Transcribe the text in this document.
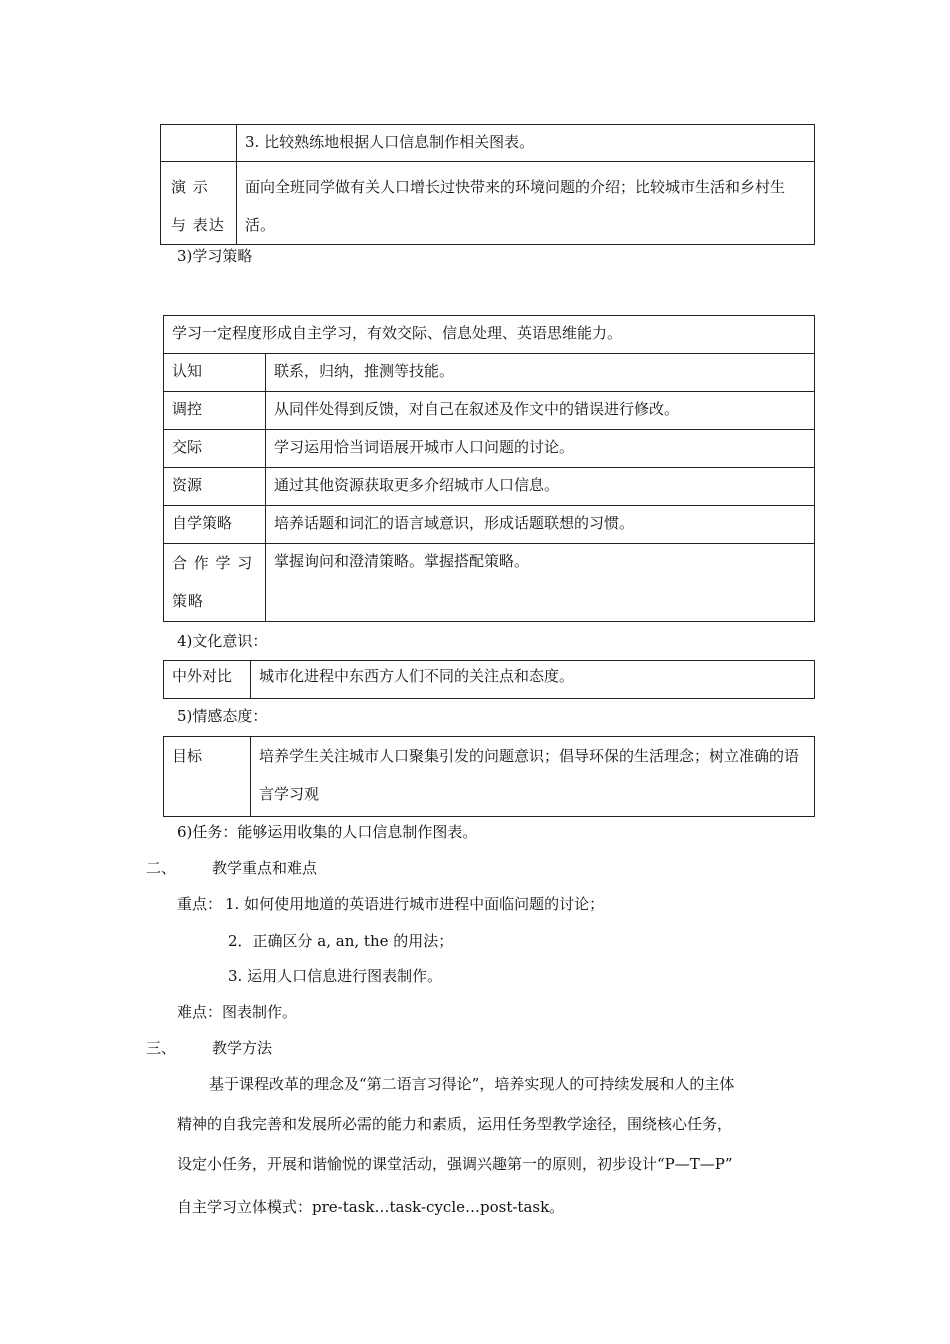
	3. 比较熟练地根据人口信息制作相关图表。

演 示 与 表达	面向全班同学做有关人口增长过快带来的环境问题的介绍；比较城市生活和乡村生活。
3)学习策略
学习一定程度形成自主学习，有效交际、信息处理、英语思维能力。	

认知	联系，归纳，推测等技能。

调控	从同伴处得到反馈，对自己在叙述及作文中的错误进行修改。

交际	学习运用恰当词语展开城市人口问题的讨论。

资源	通过其他资源获取更多介绍城市人口信息。

自学策略	培养话题和词汇的语言域意识，形成话题联想的习惯。

合 作 学 习 策略	掌握询问和澄清策略。掌握搭配策略。
4)文化意识：
中外对比	城市化进程中东西方人们不同的关注点和态度。
5)情感态度：
目标	培养学生关注城市人口聚集引发的问题意识；倡导环保的生活理念；树立准确的语言学习观
6)任务：能够运用收集的人口信息制作图表。
二、 教学重点和难点
重点： 1. 如何使用地道的英语进行城市进程中面临问题的讨论；
2．正确区分 a, an, the 的用法；
3. 运用人口信息进行图表制作。
难点：图表制作。
三、 教学方法
基于课程改革的理念及“第二语言习得论”，培养实现人的可持续发展和人的主体
精神的自我完善和发展所必需的能力和素质，运用任务型教学途径，围绕核心任务，
设定小任务，开展和谐愉悦的课堂活动，强调兴趣第一的原则，初步设计“P—T—P”
自主学习立体模式：pre-task…task-cycle…post-task。
